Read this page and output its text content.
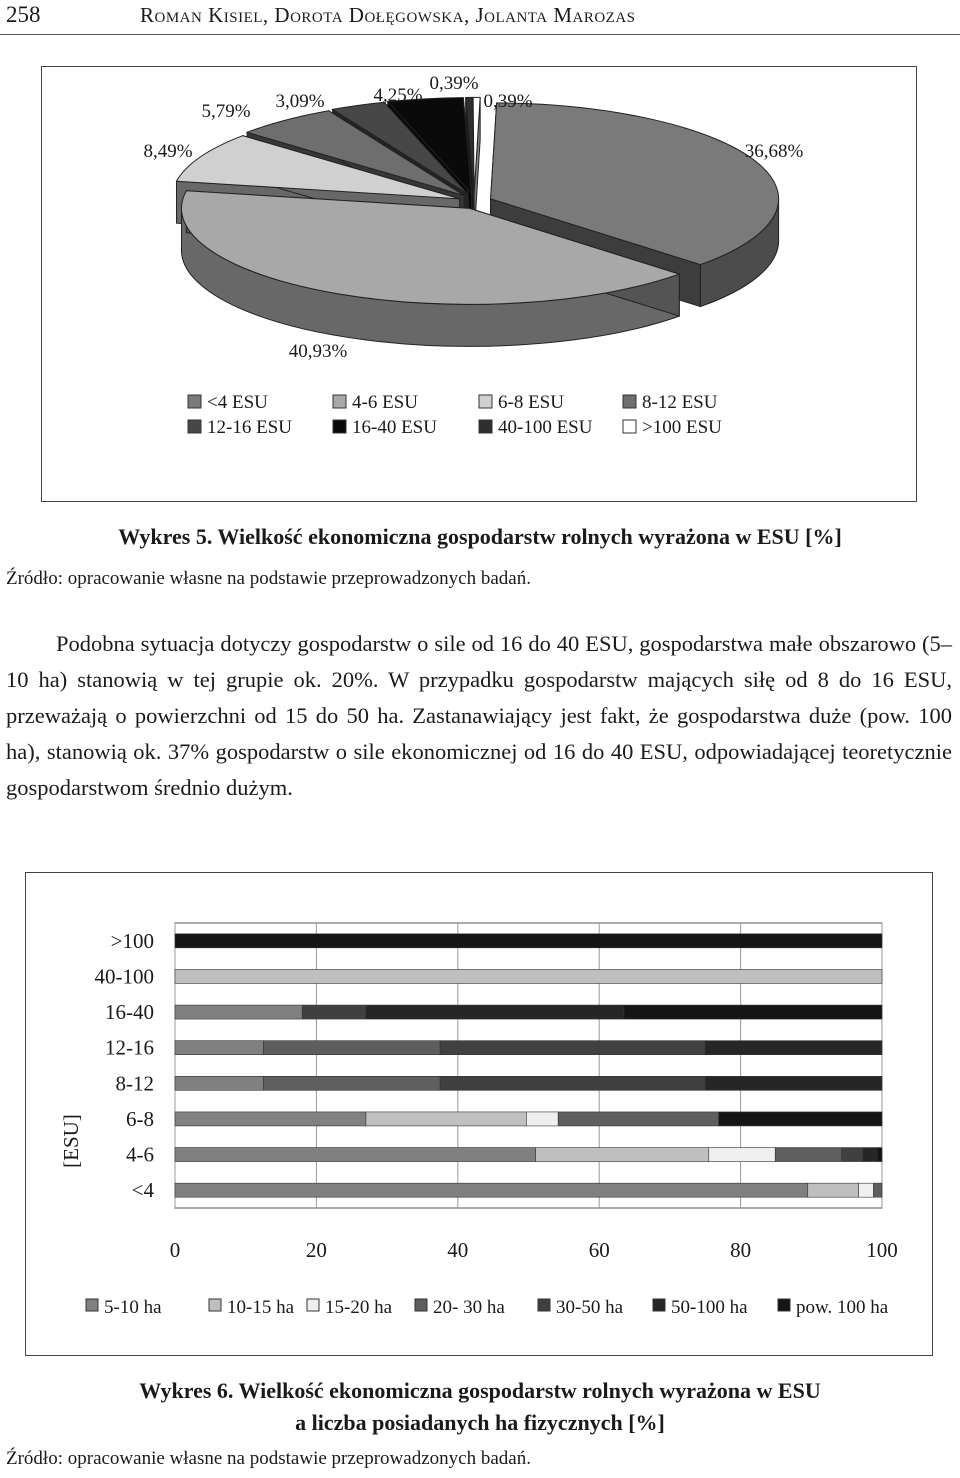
258	Roman Kisiel, Dorota Dołęgowska, Jolanta Marozas
36,68%
40,93%
8,49%
5,79% 3,09%	4,25%
0,39%
0,39%
<4 ESU	4-6 ESU	6-8 ESU	8-12 ESU
12-16 ESU	16-40 ESU	40-100 ESU	>100 ESU
Wykres 5. Wielkość ekonomiczna gospodarstw rolnych wyrażona w ESU [%]
Źródło: opracowanie własne na podstawie przeprowadzonych badań.
Podobna sytuacja dotyczy gospodarstw o sile od 16 do 40 ESU, gospodarstwa małe obszarowo (5–10 ha) stanowią w tej grupie ok. 20%. W przypadku gospodarstw mających siłę od 8 do 16 ESU, przeważają o powierzchni od 15 do 50 ha. Zastanawiający jest fakt, że gospodarstwa duże (pow. 100 ha), stanowią ok. 37% gospodarstw o sile ekonomicznej od 16 do 40 ESU, odpowiadającej teoretycznie gospodarstwom średnio dużym.
<4
4-6
6-8
8-12
12-16
16-40
40-100
>100
0	20	40	60	80	100
[ESU]
5-10 ha	10-15 ha 15-20 ha 20- 30 ha	30-50 ha	50-100 ha	pow. 100 ha
Wykres 6. Wielkość ekonomiczna gospodarstw rolnych wyrażona w ESU
a liczba posiadanych ha fizycznych [%]
Źródło: opracowanie własne na podstawie przeprowadzonych badań.
